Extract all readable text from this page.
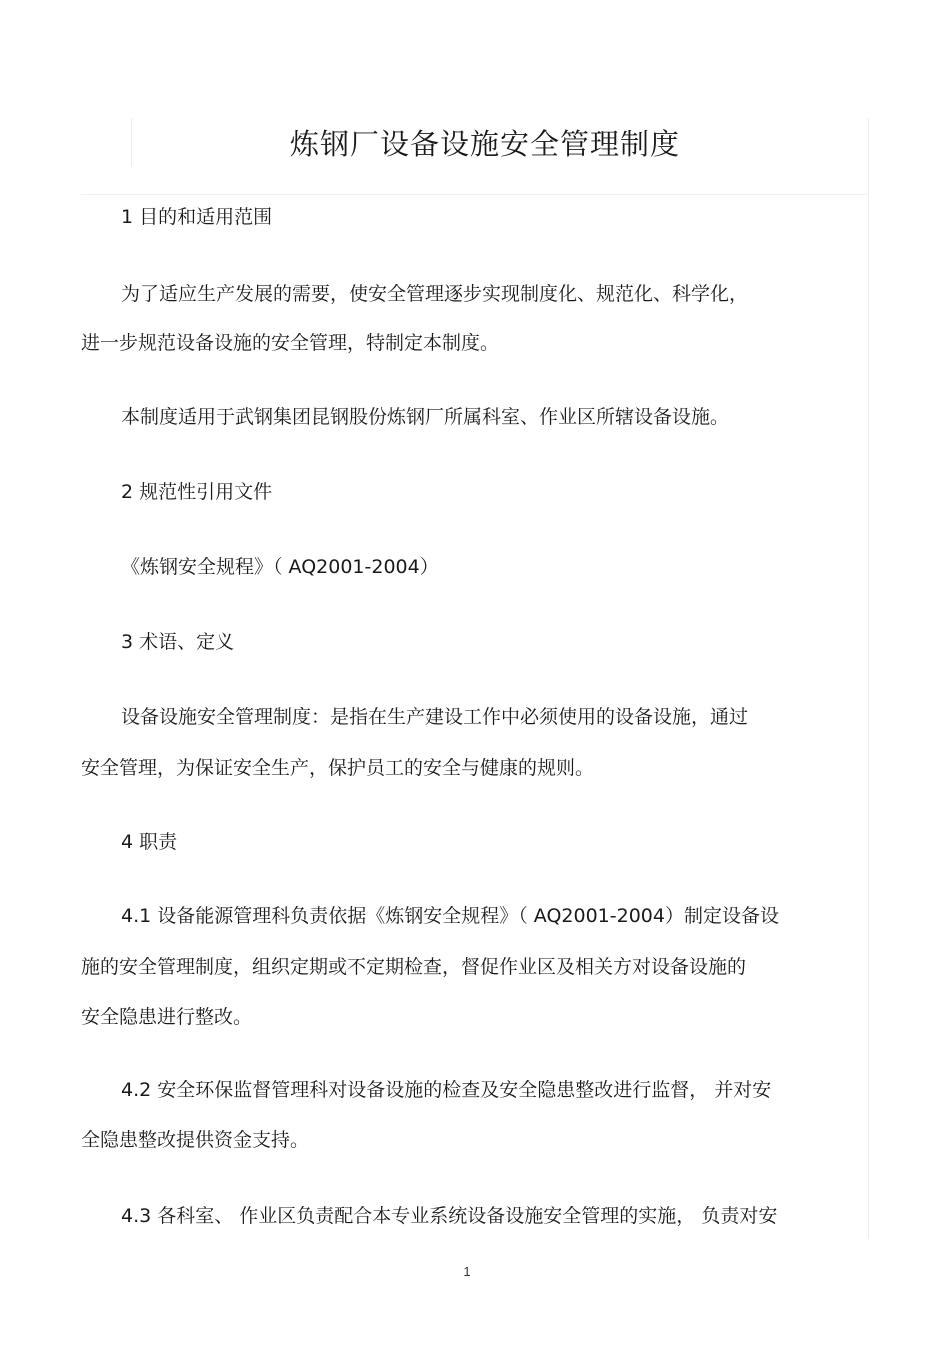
炼钢厂设备设施安全管理制度
1 目的和适用范围
为了适应生产发展的需要，使安全管理逐步实现制度化、规范化、科学化，
进一步规范设备设施的安全管理，特制定本制度。
本制度适用于武钢集团昆钢股份炼钢厂所属科室、作业区所辖设备设施。
2 规范性引用文件
《炼钢安全规程》（ AQ2001-2004）
3 术语、定义
设备设施安全管理制度：是指在生产建设工作中必须使用的设备设施，通过
安全管理，为保证安全生产，保护员工的安全与健康的规则。
4 职责
4.1 设备能源管理科负责依据《炼钢安全规程》（ AQ2001-2004）制定设备设
施的安全管理制度，组织定期或不定期检查，督促作业区及相关方对设备设施的
安全隐患进行整改。
4.2 安全环保监督管理科对设备设施的检查及安全隐患整改进行监督， 并对安
全隐患整改提供资金支持。
4.3 各科室、 作业区负责配合本专业系统设备设施安全管理的实施， 负责对安
1
